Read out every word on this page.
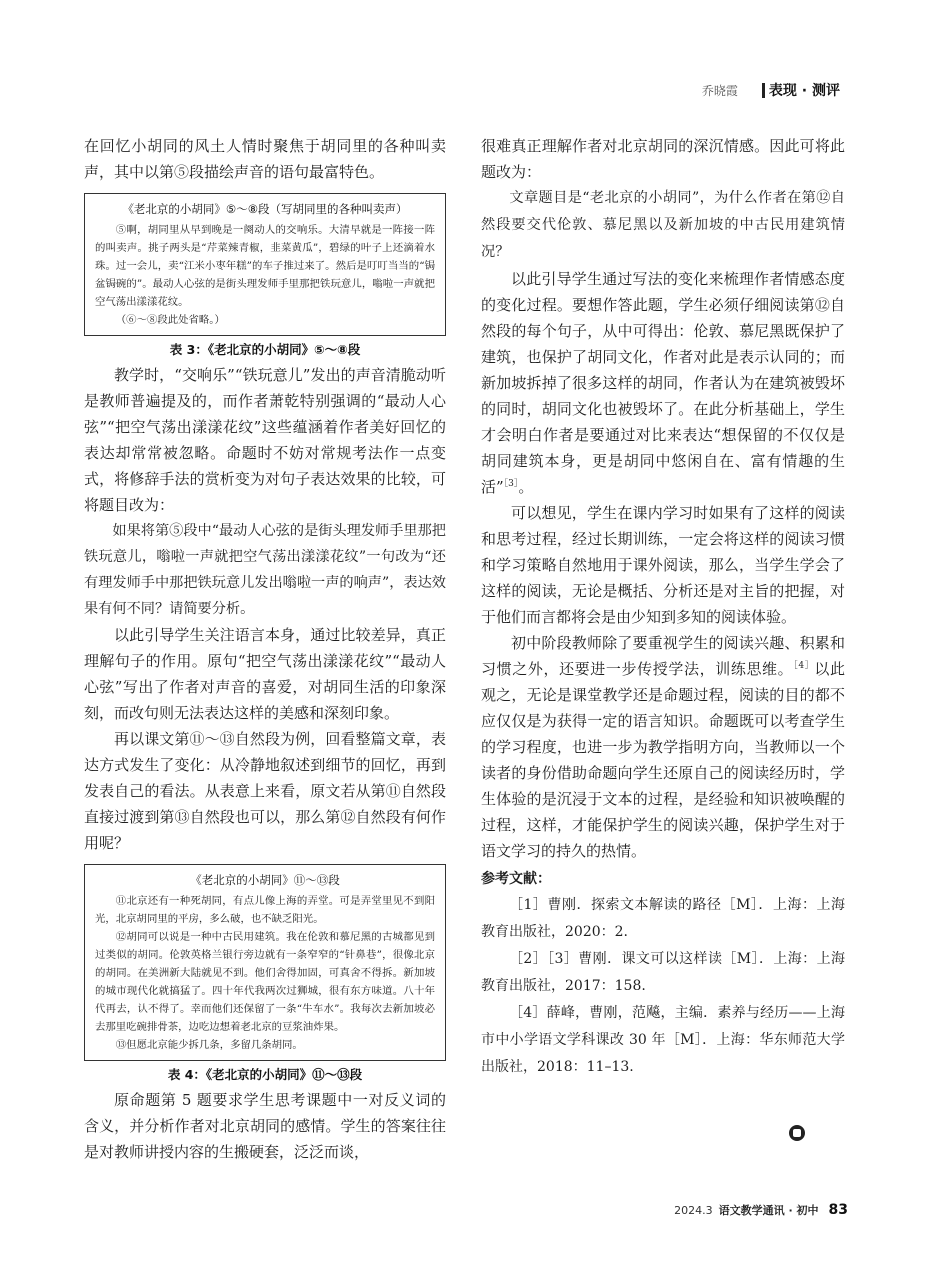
乔晓霞 表现 · 测评

在回忆小胡同的风土人情时聚焦于胡同里的各种叫卖声，其中以第⑤段描绘声音的语句最富特色。

《老北京的小胡同》⑤～⑧段（写胡同里的各种叫卖声）
⑤啊，胡同里从早到晚是一阕动人的交响乐。大清早就是一阵接一阵的叫卖声。挑子两头是“芹菜辣青椒，韭菜黄瓜”，碧绿的叶子上还滴着水珠。过一会儿，卖“江米小枣年糕”的车子推过来了。然后是叮叮当当的“锔盆锔碗的”。最动人心弦的是街头理发师手里那把铁玩意儿，嗡啦一声就把空气荡出漾漾花纹。
（⑥～⑧段此处省略。）
表 3：《老北京的小胡同》⑤～⑧段

教学时，“交响乐”“铁玩意儿”发出的声音清脆动听是教师普遍提及的，而作者萧乾特别强调的“最动人心弦”“把空气荡出漾漾花纹”这些蕴涵着作者美好回忆的表达却常常被忽略。命题时不妨对常规考法作一点变式，将修辞手法的赏析变为对句子表达效果的比较，可将题目改为：

如果将第⑤段中“最动人心弦的是街头理发师手里那把铁玩意儿，嗡啦一声就把空气荡出漾漾花纹”一句改为“还有理发师手中那把铁玩意儿发出嗡啦一声的响声”，表达效果有何不同？请简要分析。

以此引导学生关注语言本身，通过比较差异，真正理解句子的作用。原句“把空气荡出漾漾花纹”“最动人心弦”写出了作者对声音的喜爱，对胡同生活的印象深刻，而改句则无法表达这样的美感和深刻印象。

再以课文第⑪～⑬自然段为例，回看整篇文章，表达方式发生了变化：从冷静地叙述到细节的回忆，再到发表自己的看法。从表意上来看，原文若从第⑪自然段直接过渡到第⑬自然段也可以，那么第⑫自然段有何作用呢？

《老北京的小胡同》⑪～⑬段
⑪北京还有一种死胡同，有点儿像上海的弄堂。可是弄堂里见不到阳光，北京胡同里的平房，多么破，也不缺乏阳光。
⑫胡同可以说是一种中古民用建筑。我在伦敦和慕尼黑的古城都见到过类似的胡同。伦敦英格兰银行旁边就有一条窄窄的“针鼻巷”，很像北京的胡同。在美洲新大陆就见不到。他们舍得加固，可真舍不得拆。新加坡的城市现代化就搞猛了。四十年代我两次过狮城，很有东方味道。八十年代再去，认不得了。幸而他们还保留了一条“牛车水”。我每次去新加坡必去那里吃碗排骨茶，边吃边想着老北京的豆浆油炸果。
⑬但愿北京能少拆几条，多留几条胡同。
表 4：《老北京的小胡同》⑪～⑬段

原命题第 5 题要求学生思考课题中一对反义词的含义，并分析作者对北京胡同的感情。学生的答案往往是对教师讲授内容的生搬硬套，泛泛而谈，

很难真正理解作者对北京胡同的深沉情感。因此可将此题改为：

文章题目是“老北京的小胡同”，为什么作者在第⑫自然段要交代伦敦、慕尼黑以及新加坡的中古民用建筑情况？

以此引导学生通过写法的变化来梳理作者情感态度的变化过程。要想作答此题，学生必须仔细阅读第⑫自然段的每个句子，从中可得出：伦敦、慕尼黑既保护了建筑，也保护了胡同文化，作者对此是表示认同的；而新加坡拆掉了很多这样的胡同，作者认为在建筑被毁坏的同时，胡同文化也被毁坏了。在此分析基础上，学生才会明白作者是要通过对比来表达“想保留的不仅仅是胡同建筑本身，更是胡同中悠闲自在、富有情趣的生活”$^{[3]}$。

可以想见，学生在课内学习时如果有了这样的阅读和思考过程，经过长期训练，一定会将这样的阅读习惯和学习策略自然地用于课外阅读，那么，当学生学会了这样的阅读，无论是概括、分析还是对主旨的把握，对于他们而言都将会是由少知到多知的阅读体验。

初中阶段教师除了要重视学生的阅读兴趣、积累和习惯之外，还要进一步传授学法，训练思维。$^{[4]}$以此观之，无论是课堂教学还是命题过程，阅读的目的都不应仅仅是为获得一定的语言知识。命题既可以考查学生的学习程度，也进一步为教学指明方向，当教师以一个读者的身份借助命题向学生还原自己的阅读经历时，学生体验的是沉浸于文本的过程，是经验和知识被唤醒的过程，这样，才能保护学生的阅读兴趣，保护学生对于语文学习的持久的热情。

参考文献：

［1］曹刚．探索文本解读的路径［M］．上海：上海教育出版社，2020：2.

［2］［3］曹刚．课文可以这样读［M］．上海：上海教育出版社，2017：158.

［4］薛峰，曹刚，范飚，主编．素养与经历——上海市中小学语文学科课改 30 年［M］．上海：华东师范大学出版社，2018：11–13.

2024.3 语文教学通讯 · 初中 83
